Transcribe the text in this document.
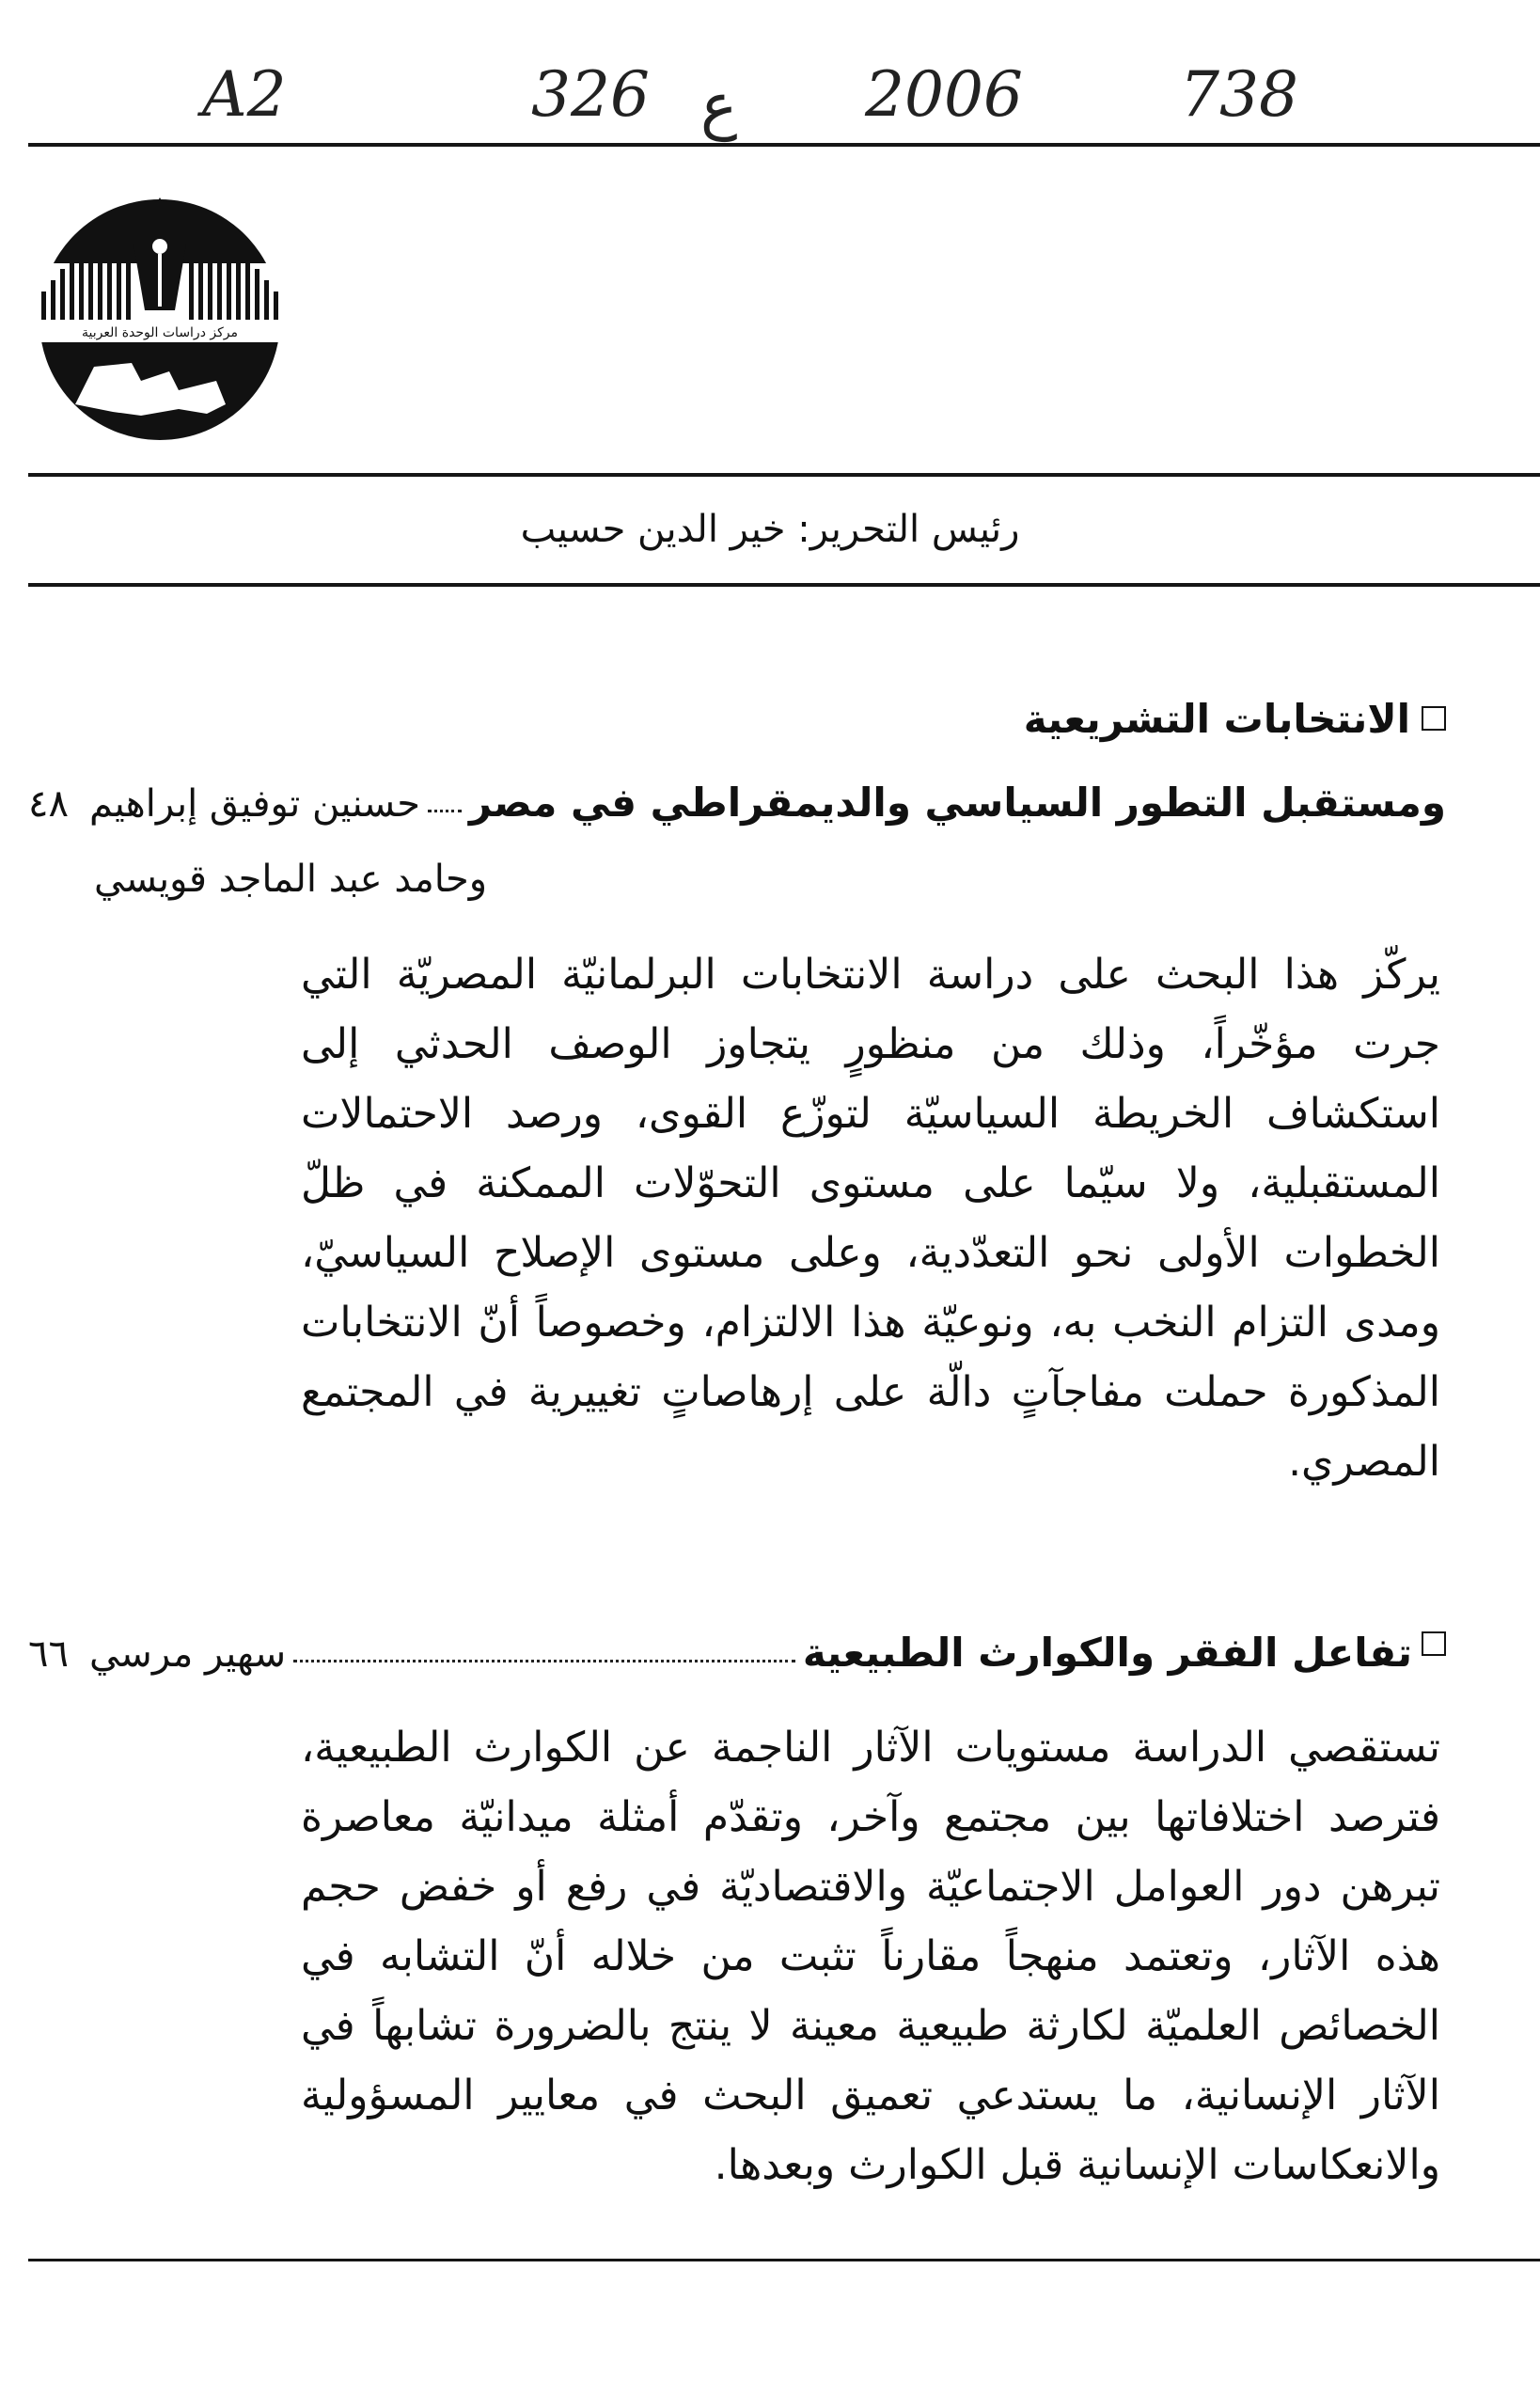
A2	326 ع 2006	738
مركز دراسات الوحدة العربية
رئيس التحرير: خير الدين حسيب
الانتخابات التشريعية
ومستقبل التطور السياسي والديمقراطي في مصر
حسنين توفيق إبراهيم
٤٨
وحامد عبد الماجد قويسي
يركّز هذا البحث على دراسة الانتخابات البرلمانيّة المصريّة التي جرت مؤخّراً، وذلك من منظورٍ يتجاوز الوصف الحدثي إلى استكشاف الخريطة السياسيّة لتوزّع القوى، ورصد الاحتمالات المستقبلية، ولا سيّما على مستوى التحوّلات الممكنة في ظلّ الخطوات الأولى نحو التعدّدية، وعلى مستوى الإصلاح السياسيّ، ومدى التزام النخب به، ونوعيّة هذا الالتزام، وخصوصاً أنّ الانتخابات المذكورة حملت مفاجآتٍ دالّة على إرهاصاتٍ تغييرية في المجتمع المصري.
تفاعل الفقر والكوارث الطبيعية
سهير مرسي
٦٦
تستقصي الدراسة مستويات الآثار الناجمة عن الكوارث الطبيعية، فترصد اختلافاتها بين مجتمع وآخر، وتقدّم أمثلة ميدانيّة معاصرة تبرهن دور العوامل الاجتماعيّة والاقتصاديّة في رفع أو خفض حجم هذه الآثار، وتعتمد منهجاً مقارناً تثبت من خلاله أنّ التشابه في الخصائص العلميّة لكارثة طبيعية معينة لا ينتج بالضرورة تشابهاً في الآثار الإنسانية، ما يستدعي تعميق البحث في معايير المسؤولية والانعكاسات الإنسانية قبل الكوارث وبعدها.
